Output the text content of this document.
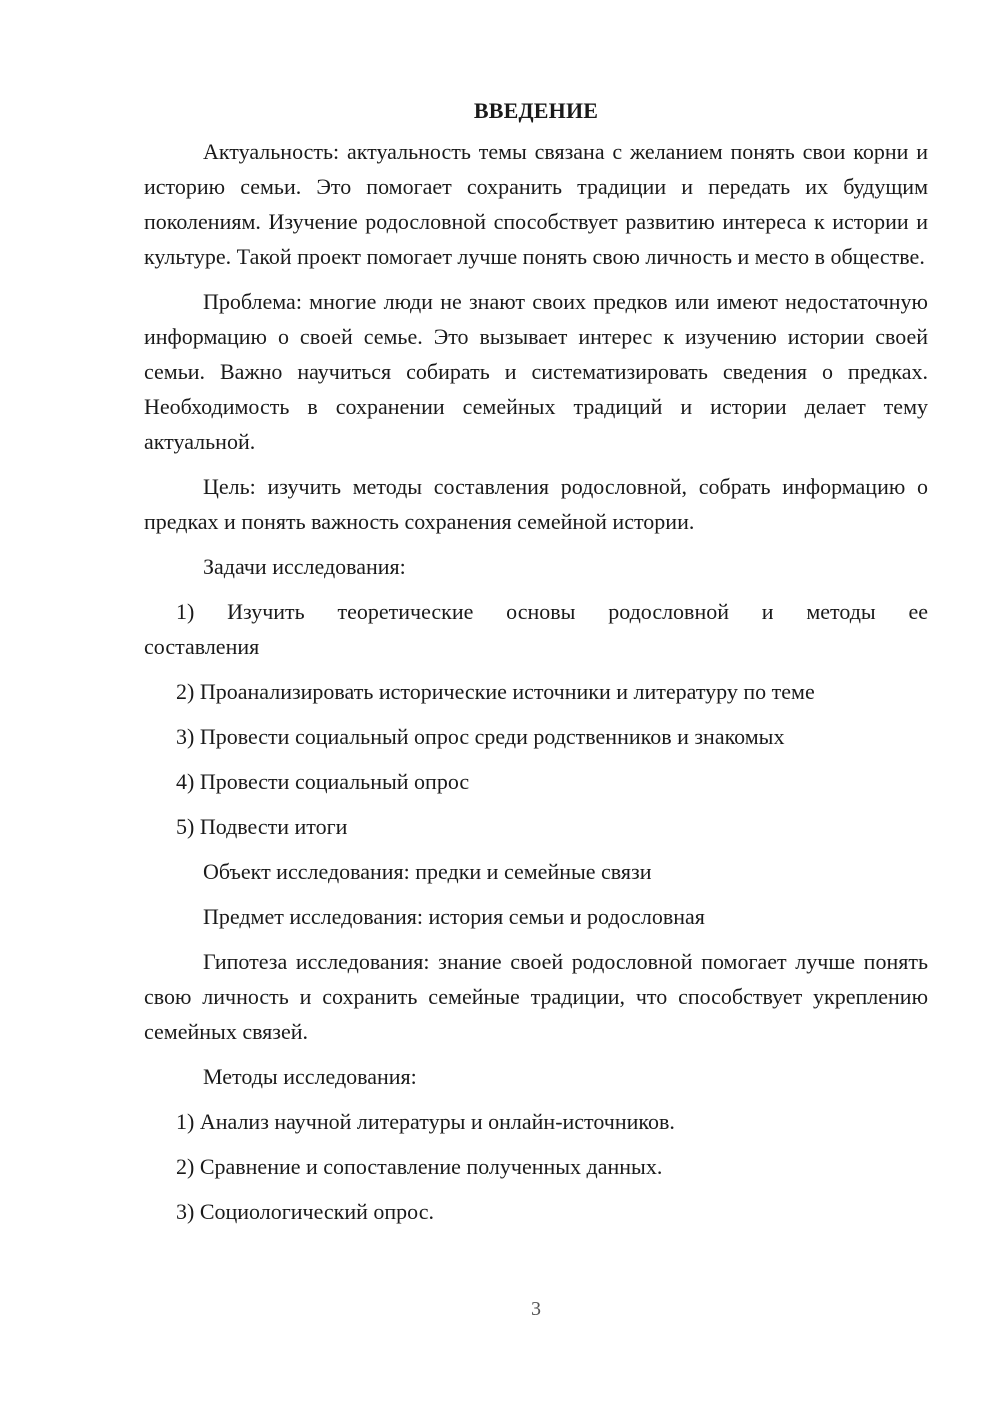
ВВЕДЕНИЕ

Актуальность: актуальность темы связана с желанием понять свои корни и историю семьи. Это помогает сохранить традиции и передать их будущим поколениям. Изучение родословной способствует развитию интереса к истории и культуре. Такой проект помогает лучше понять свою личность и место в обществе.

Проблема: многие люди не знают своих предков или имеют недостаточную информацию о своей семье. Это вызывает интерес к изучению истории своей семьи. Важно научиться собирать и систематизировать сведения о предках. Необходимость в сохранении семейных традиций и истории делает тему актуальной.

Цель: изучить методы составления родословной, собрать информацию о предках и понять важность сохранения семейной истории.

Задачи исследования:
1) Изучить теоретические основы родословной и методы ее
составления
2) Проанализировать исторические источники и литературу по теме
3) Провести социальный опрос среди родственников и знакомых
4) Провести социальный опрос
5) Подвести итоги
Объект исследования: предки и семейные связи
Предмет исследования: история семьи и родословная

Гипотеза исследования: знание своей родословной помогает лучше понять свою личность и сохранить семейные традиции, что способствует укреплению семейных связей.

Методы исследования:
1) Анализ научной литературы и онлайн-источников.
2) Сравнение и сопоставление полученных данных.
3) Социологический опрос.
3
